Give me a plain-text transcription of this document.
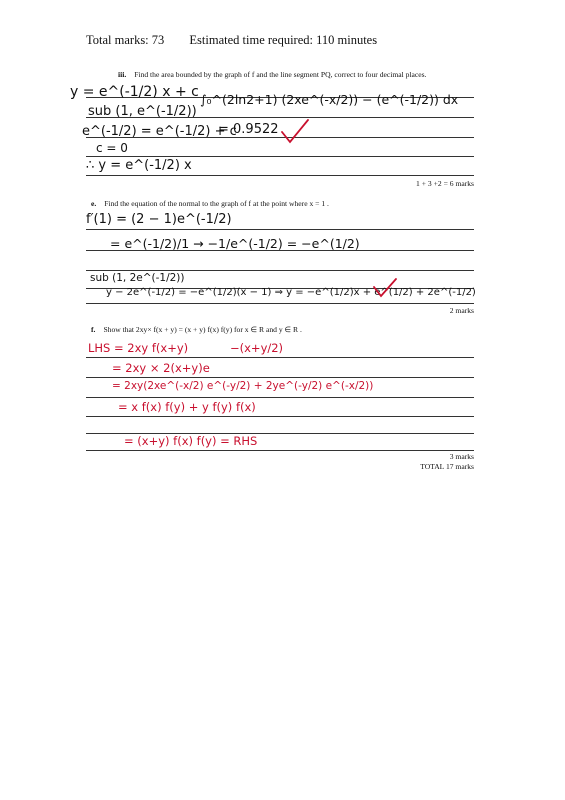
Total marks: 73 Estimated time required: 110 minutes
iii. Find the area bounded by the graph of f and the line segment PQ, correct to four decimal places.
y = e^(-1/2) x + c
sub (1, e^(-1/2))
e^(-1/2) = e^(-1/2) + c
c = 0
∴ y = e^(-1/2) x
∫₀^(2ln2+1) (2xe^(-x/2)) − (e^(-1/2)) dx
= 0.9522
1 + 3 +2 = 6 marks
e. Find the equation of the normal to the graph of f at the point where x = 1 .
f′(1) = (2 − 1)e^(-1/2)
= e^(-1/2)/1 → −1/e^(-1/2) = −e^(1/2)
sub (1, 2e^(-1/2))
y − 2e^(-1/2) = −e^(1/2)(x − 1) ⇒ y = −e^(1/2)x + e^(1/2) + 2e^(-1/2)
2 marks
f. Show that 2xy× f(x + y) = (x + y) f(x) f(y) for x ∈ R and y ∈ R .
LHS = 2xy f(x+y)	−(x+y/2)
= 2xy × 2(x+y)e
= 2xy(2xe^(-x/2) e^(-y/2) + 2ye^(-y/2) e^(-x/2))
= x f(x) f(y) + y f(y) f(x)
= (x+y) f(x) f(y) = RHS
3 marks
TOTAL 17 marks
